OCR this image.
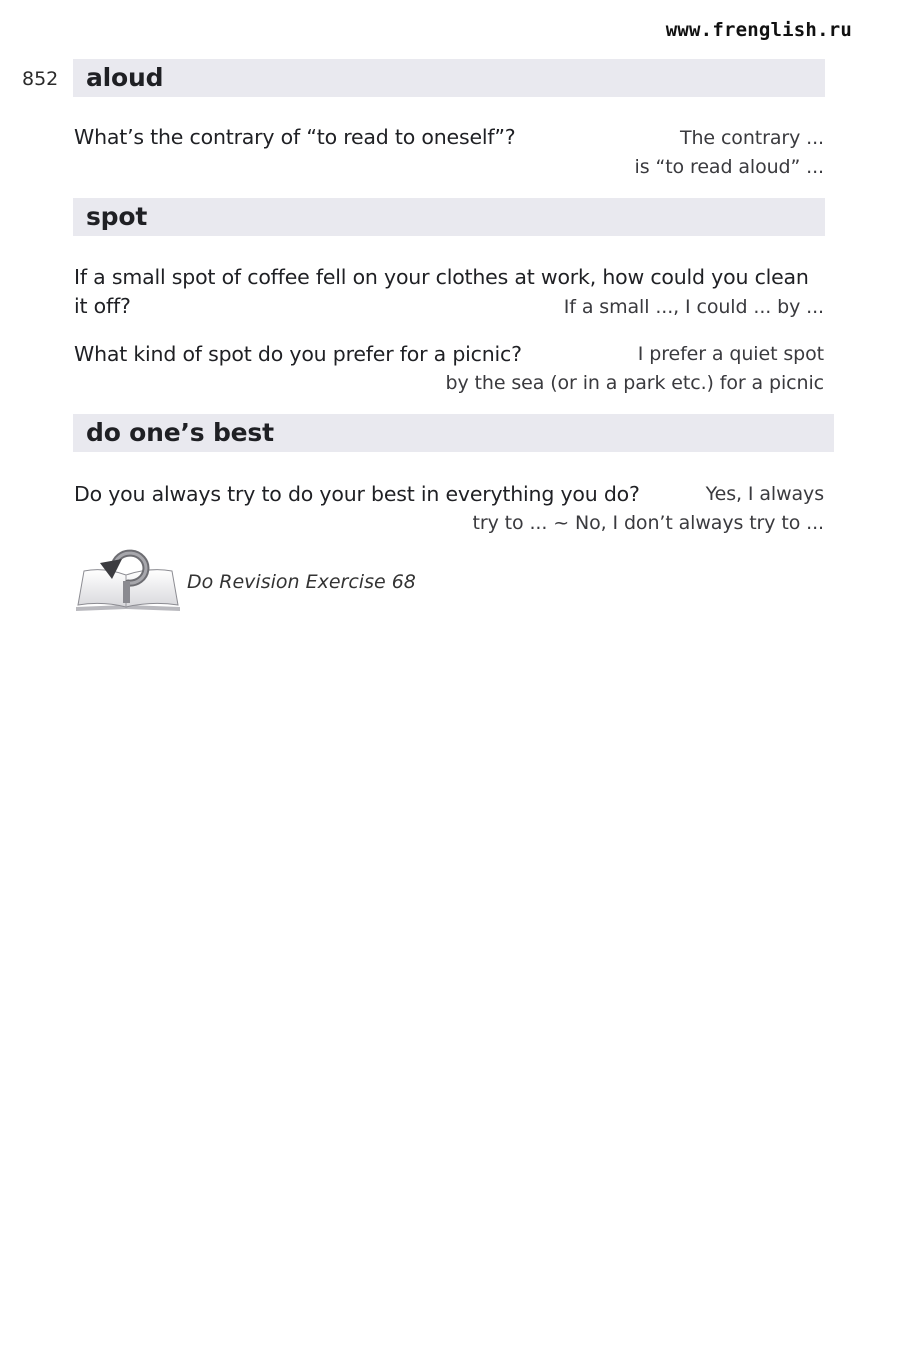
www.frenglish.ru
852	aloud
What’s the contrary of “to read to oneself”?	The contrary ...
is “to read aloud” ...
spot
If a small spot of coffee fell on your clothes at work, how could you clean
it off?	If a small ..., I could ... by ...
What kind of spot do you prefer for a picnic?	I prefer a quiet spot
by the sea (or in a park etc.) for a picnic
do one’s best
Do you always try to do your best in everything you do?	Yes, I always
try to ... ~ No, I don’t always try to ...
Do Revision Exercise 68
